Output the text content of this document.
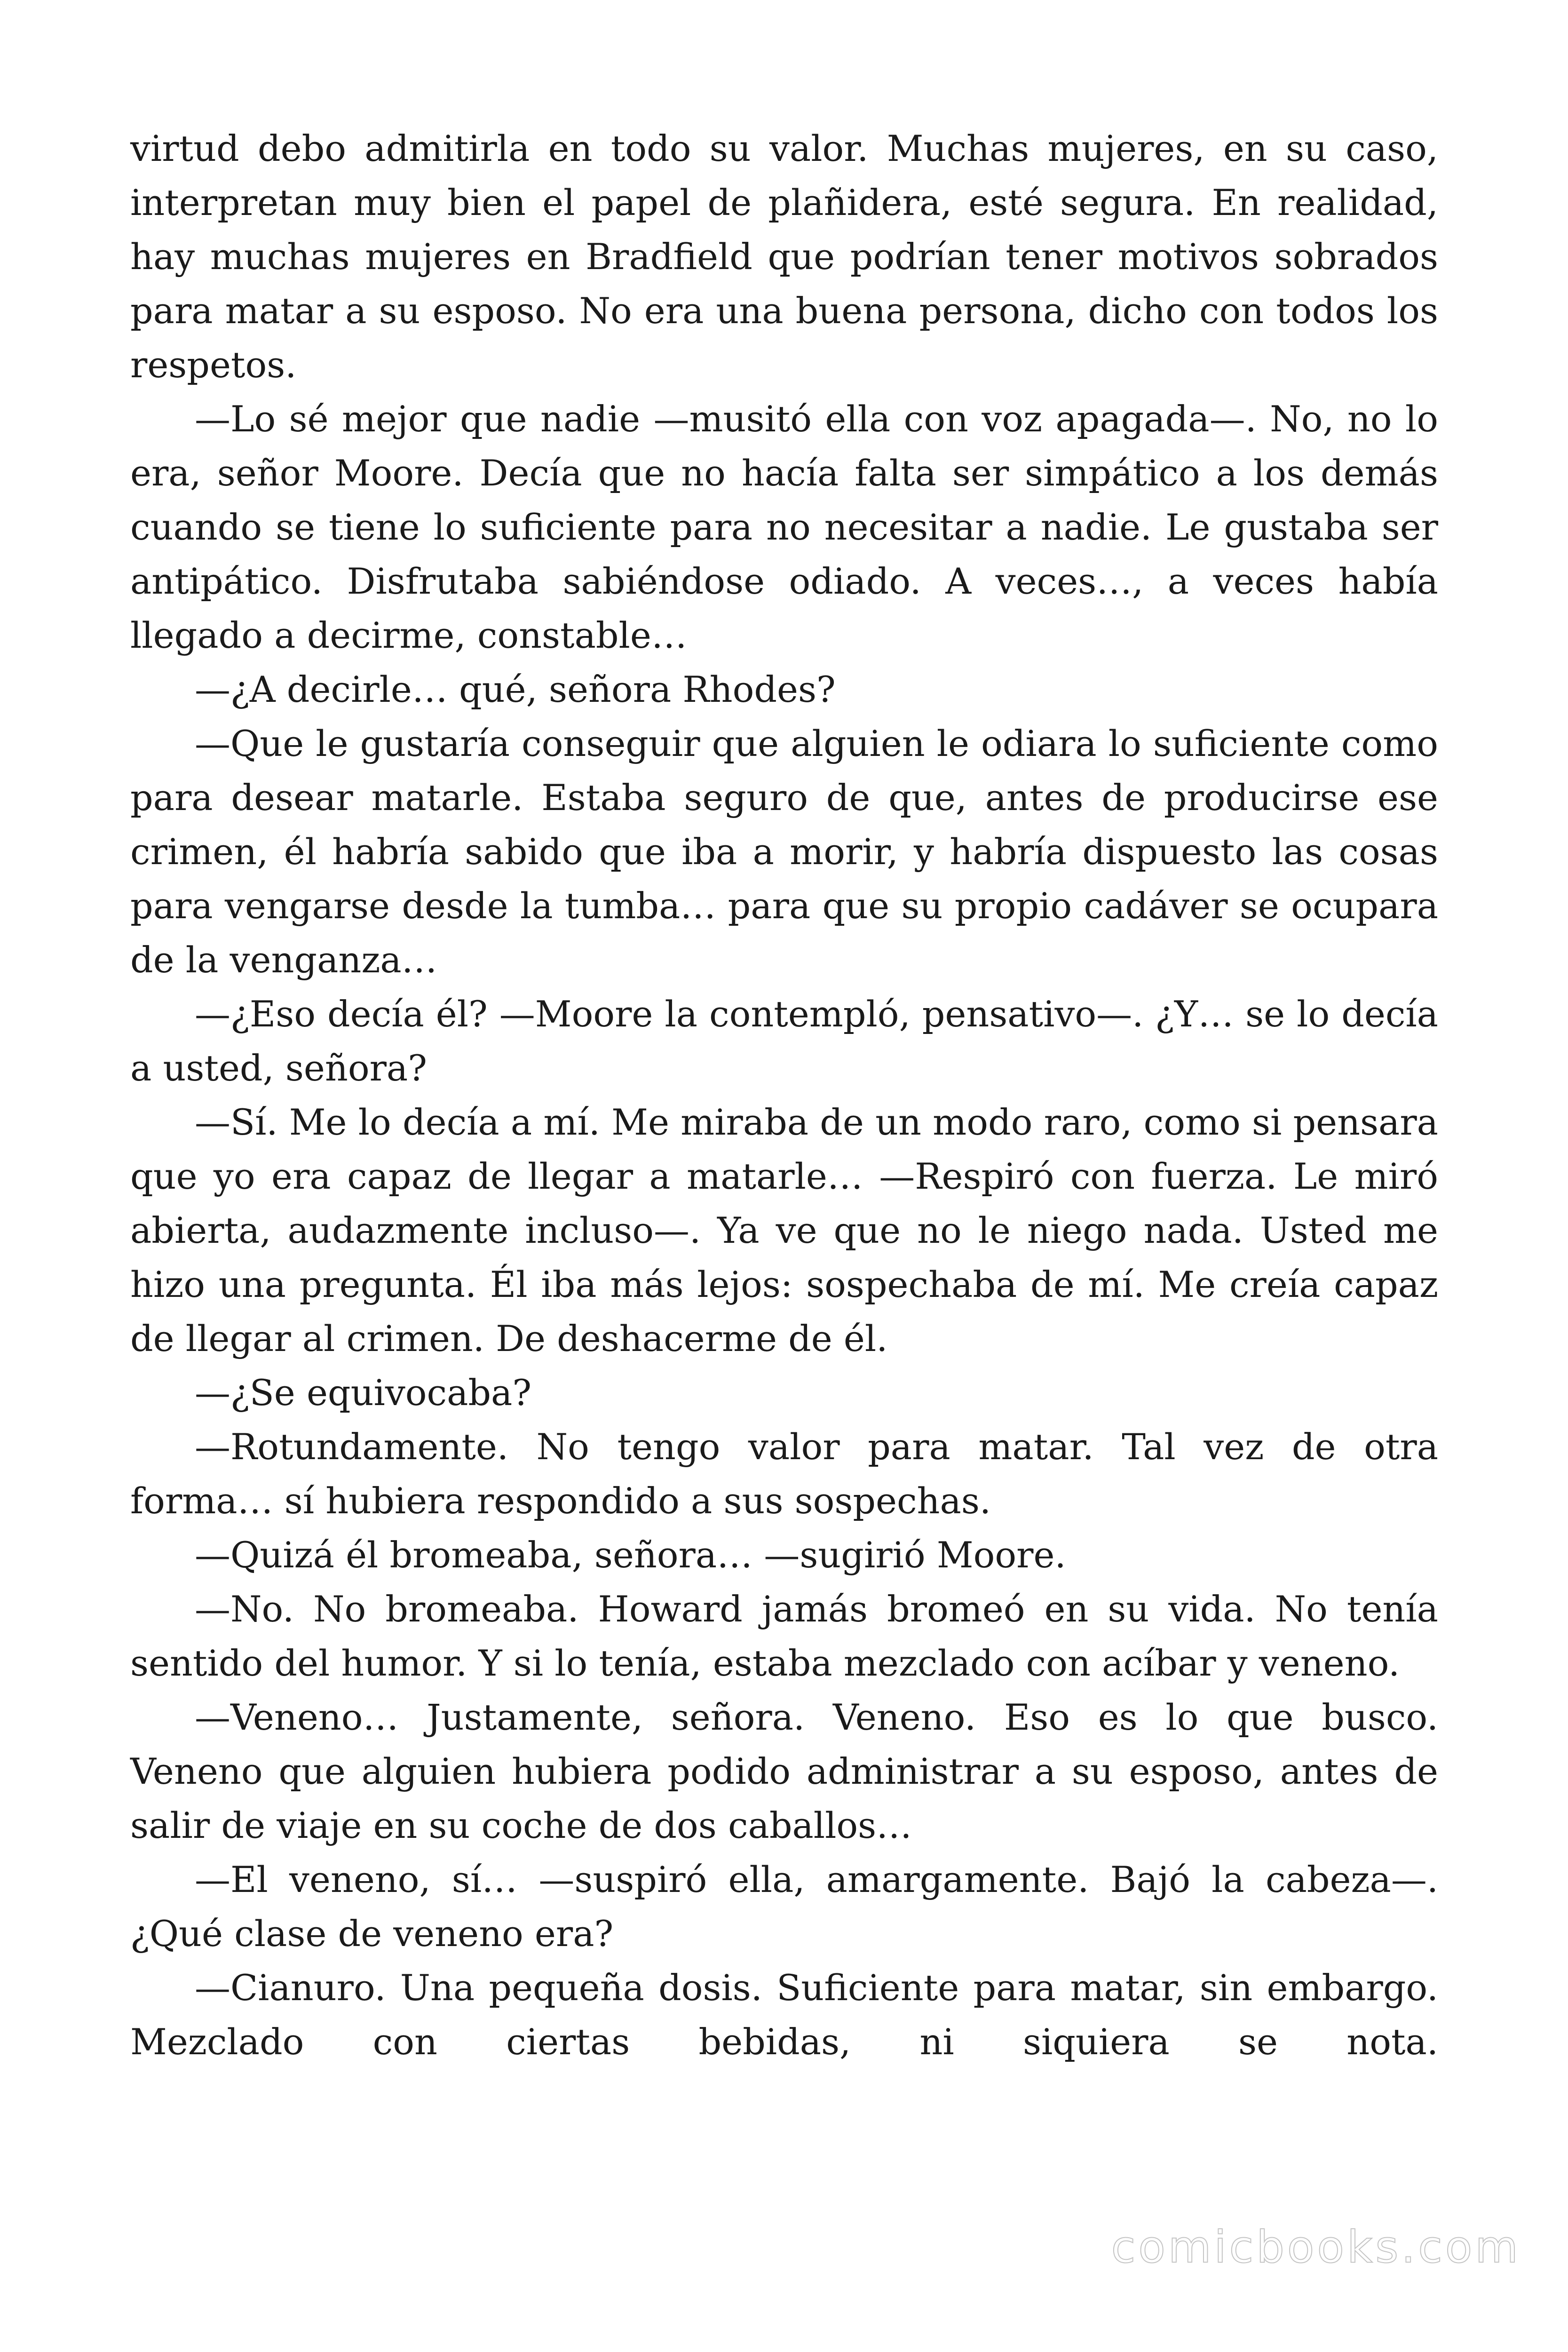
virtud debo admitirla en todo su valor. Muchas mujeres, en su caso, interpretan muy bien el papel de plañidera, esté segura. En realidad, hay muchas mujeres en Bradfield que podrían tener motivos sobrados para matar a su esposo. No era una buena persona, dicho con todos los respetos.

—Lo sé mejor que nadie —musitó ella con voz apagada—. No, no lo era, señor Moore. Decía que no hacía falta ser simpático a los demás cuando se tiene lo suficiente para no necesitar a nadie. Le gustaba ser antipático. Disfrutaba sabiéndose odiado. A veces…, a veces había llegado a decirme, constable…

—¿A decirle… qué, señora Rhodes?

—Que le gustaría conseguir que alguien le odiara lo suficiente como para desear matarle. Estaba seguro de que, antes de producirse ese crimen, él habría sabido que iba a morir, y habría dispuesto las cosas para vengarse desde la tumba… para que su propio cadáver se ocupara de la venganza…

—¿Eso decía él? —Moore la contempló, pensativo—. ¿Y… se lo decía a usted, señora?

—Sí. Me lo decía a mí. Me miraba de un modo raro, como si pensara que yo era capaz de llegar a matarle… —Respiró con fuerza. Le miró abierta, audazmente incluso—. Ya ve que no le niego nada. Usted me hizo una pregunta. Él iba más lejos: sospechaba de mí. Me creía capaz de llegar al crimen. De deshacerme de él.

—¿Se equivocaba?

—Rotundamente. No tengo valor para matar. Tal vez de otra forma… sí hubiera respondido a sus sospechas.

—Quizá él bromeaba, señora… —sugirió Moore.

—No. No bromeaba. Howard jamás bromeó en su vida. No tenía sentido del humor. Y si lo tenía, estaba mezclado con acíbar y veneno.

—Veneno… Justamente, señora. Veneno. Eso es lo que busco. Veneno que alguien hubiera podido administrar a su esposo, antes de salir de viaje en su coche de dos caballos…

—El veneno, sí… —suspiró ella, amargamente. Bajó la cabeza—. ¿Qué clase de veneno era?

—Cianuro. Una pequeña dosis. Suficiente para matar, sin embargo. Mezclado con ciertas bebidas, ni siquiera se nota.

comicbooks.com
